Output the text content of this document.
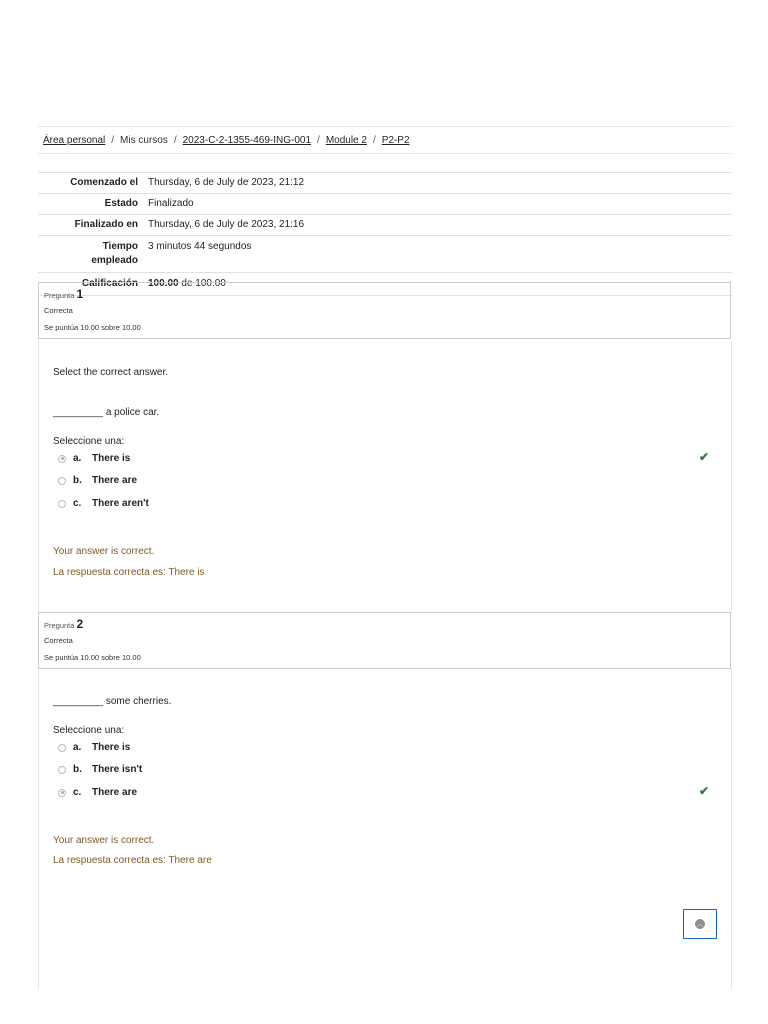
Área personal / Mis cursos / 2023-C-2-1355-469-ING-001 / Module 2 / P2-P2
Comenzado el	Thursday, 6 de July de 2023, 21:12
Estado	Finalizado
Finalizado en	Thursday, 6 de July de 2023, 21:16
Tiempo
empleado	3 minutos 44 segundos
Calificación	100.00 de 100.00
Pregunta 1
Correcta
Se puntúa 10.00 sobre 10.00
Select the correct answer.
_________ a police car.
Seleccione una:
a.	There is	✔
b.	There are
c.	There aren't
Your answer is correct.
La respuesta correcta es: There is
Pregunta 2
Correcta
Se puntúa 10.00 sobre 10.00
_________ some cherries.
Seleccione una:
a.	There is
b.	There isn't
c.	There are	✔
Your answer is correct.
La respuesta correcta es: There are
︿
